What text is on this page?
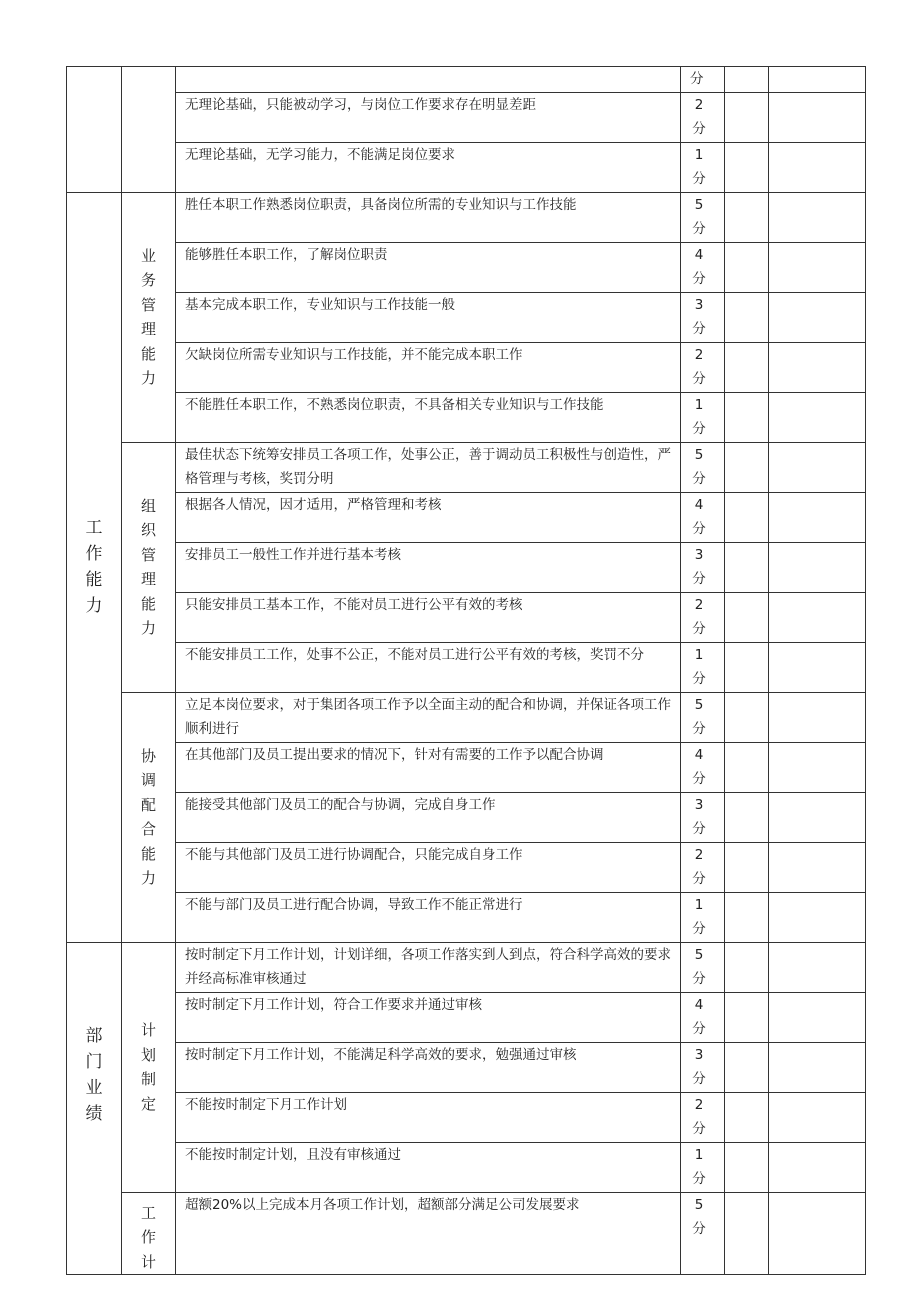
			分		
		无理论基础，只能被动学习，与岗位工作要求存在明显差距	2分		
		无理论基础，无学习能力，不能满足岗位要求	1分		
工作能力	业务管理能力	胜任本职工作熟悉岗位职责，具备岗位所需的专业知识与工作技能	5分		
		能够胜任本职工作，了解岗位职责	4分		
		基本完成本职工作，专业知识与工作技能一般	3分		
		欠缺岗位所需专业知识与工作技能，并不能完成本职工作	2分		
		不能胜任本职工作，不熟悉岗位职责，不具备相关专业知识与工作技能	1分		
	组织管理能力	最佳状态下统筹安排员工各项工作，处事公正，善于调动员工积极性与创造性，严格管理与考核，奖罚分明	5分		
		根据各人情况，因才适用，严格管理和考核	4分		
		安排员工一般性工作并进行基本考核	3分		
		只能安排员工基本工作，不能对员工进行公平有效的考核	2分		
		不能安排员工工作，处事不公正，不能对员工进行公平有效的考核，奖罚不分	1分		
	协调配合能力	立足本岗位要求，对于集团各项工作予以全面主动的配合和协调，并保证各项工作顺利进行	5分		
		在其他部门及员工提出要求的情况下，针对有需要的工作予以配合协调	4分		
		能接受其他部门及员工的配合与协调，完成自身工作	3分		
		不能与其他部门及员工进行协调配合，只能完成自身工作	2分		
		不能与部门及员工进行配合协调，导致工作不能正常进行	1分		
部门业绩	计划制定	按时制定下月工作计划，计划详细，各项工作落实到人到点，符合科学高效的要求并经高标准审核通过	5分		
		按时制定下月工作计划，符合工作要求并通过审核	4分		
		按时制定下月工作计划，不能满足科学高效的要求，勉强通过审核	3分		
		不能按时制定下月工作计划	2分		
		不能按时制定计划，且没有审核通过	1分		
	工作计	超额20%以上完成本月各项工作计划，超额部分满足公司发展要求	5分		
